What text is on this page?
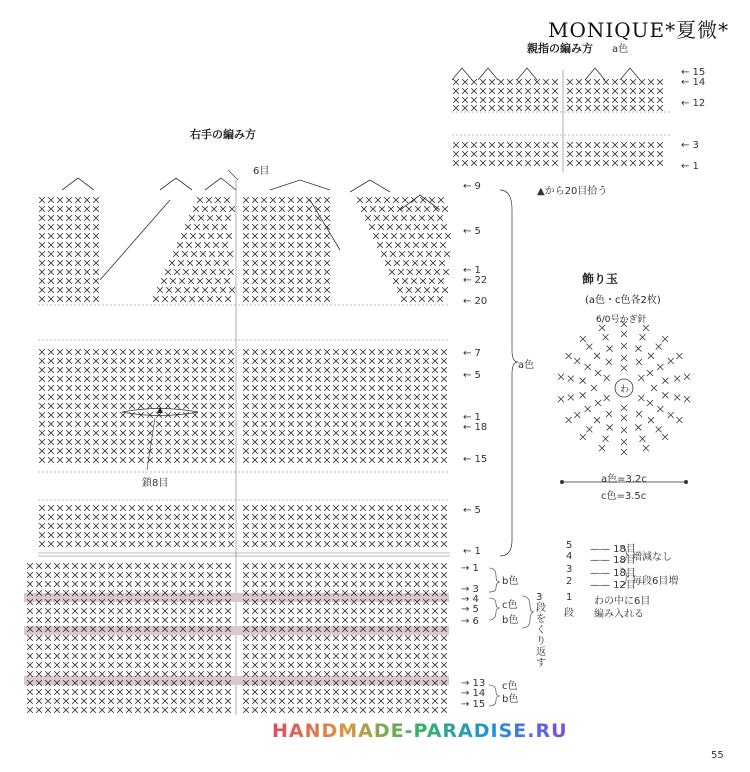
MONIQUE*夏微*
親指の編み方 a色
右手の編み方
6目
鎖8目
← 9
← 5
← 1
← 22
← 20
← 7
← 5
← 1
← 18
← 15
← 5
← 1
→ 1
→ 3
→ 4
→ 5
→ 6
→ 13
→ 14
→ 15
← 15
← 14
← 12
← 3
← 1
a色
b色
c色
b色
c色
b色
3段をくり返す
▲から20目拾う
飾り玉
(a色・c色各2枚)
6/0号かぎ針
わ
a色=3.2c
c色=3.5c
5 —— 18目
4 —— 18目
3 —— 18目
2 —— 12目
1 わの中に6目
増減なし
毎段6目増
編み入れる
段
55
HANDMADE-PARADISE.RU
